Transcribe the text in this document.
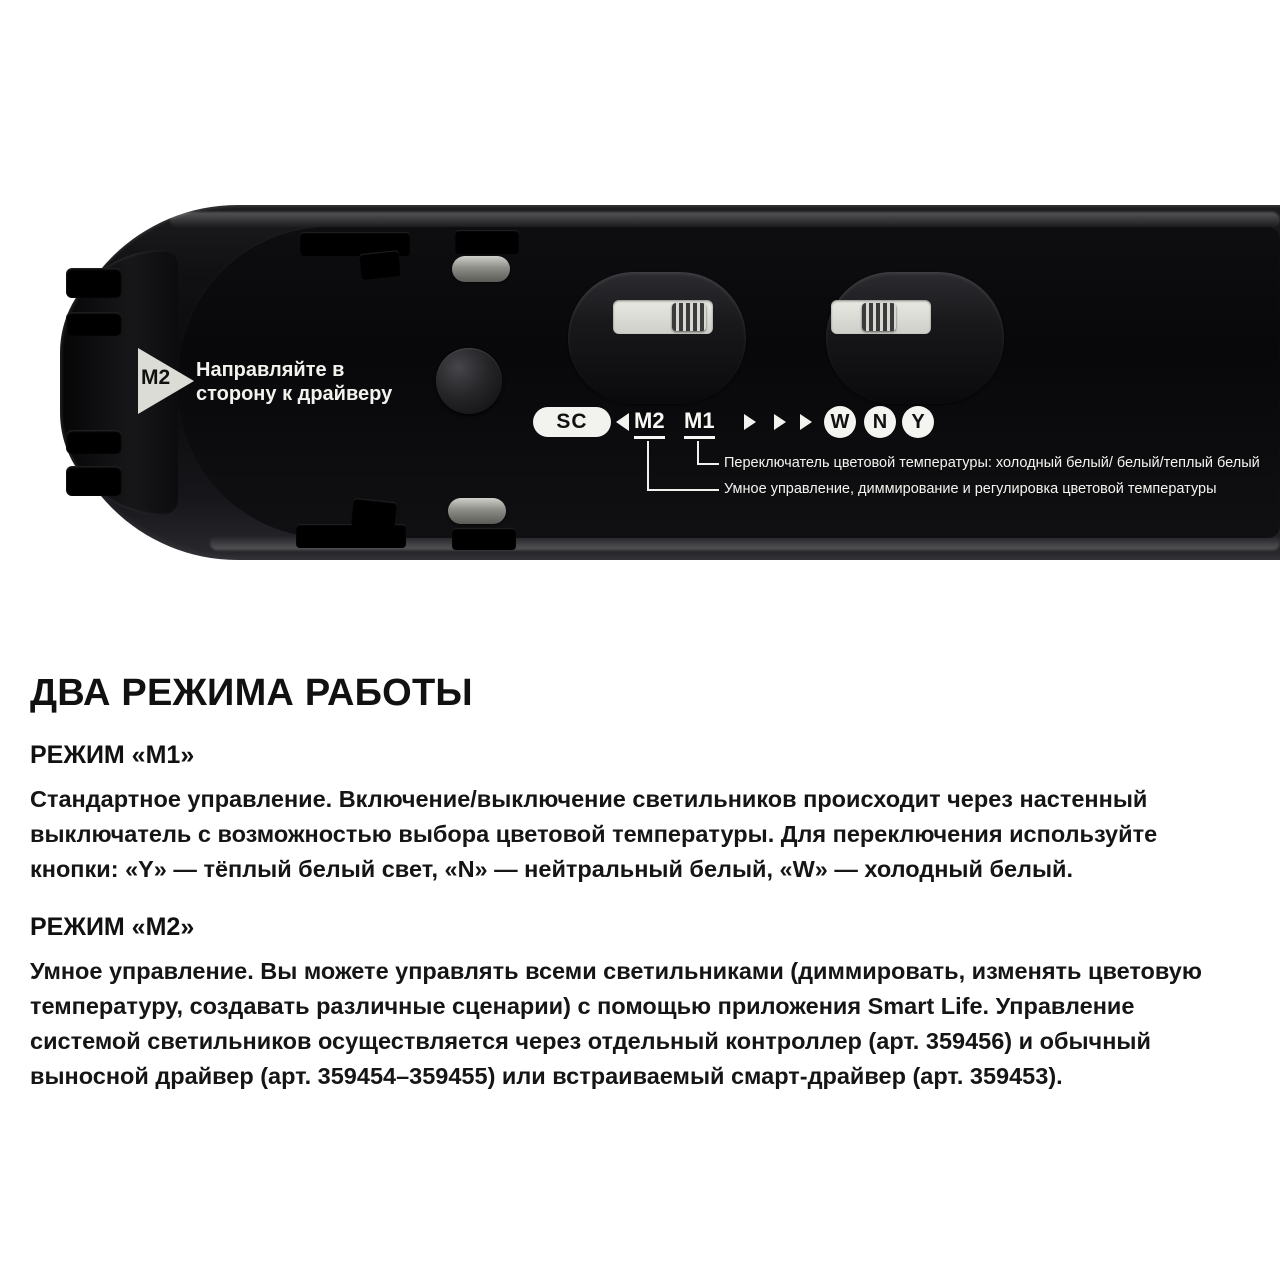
M2 Направляйте в сторону к драйверу
SC	M2 M1	W	N	Y
Переключатель цветовой температуры: холодный белый/ белый/теплый белый
Умное управление, диммирование и регулировка цветовой температуры
ДВА РЕЖИМА РАБОТЫ
РЕЖИМ «M1»

Стандартное управление. Включение/выключение светильников происходит через настенный выключатель с возможностью выбора цветовой температуры. Для переключения используйте кнопки: «Y» — тёплый белый свет, «N» — нейтральный белый, «W» — холодный белый.

РЕЖИМ «M2»

Умное управление. Вы можете управлять всеми светильниками (диммировать, изменять цветовую температуру, создавать различные сценарии) с помощью приложения Smart Life. Управление системой светильников осуществляется через отдельный контроллер (арт. 359456) и обычный выносной драйвер (арт. 359454–359455) или встраиваемый смарт-драйвер (арт. 359453).
